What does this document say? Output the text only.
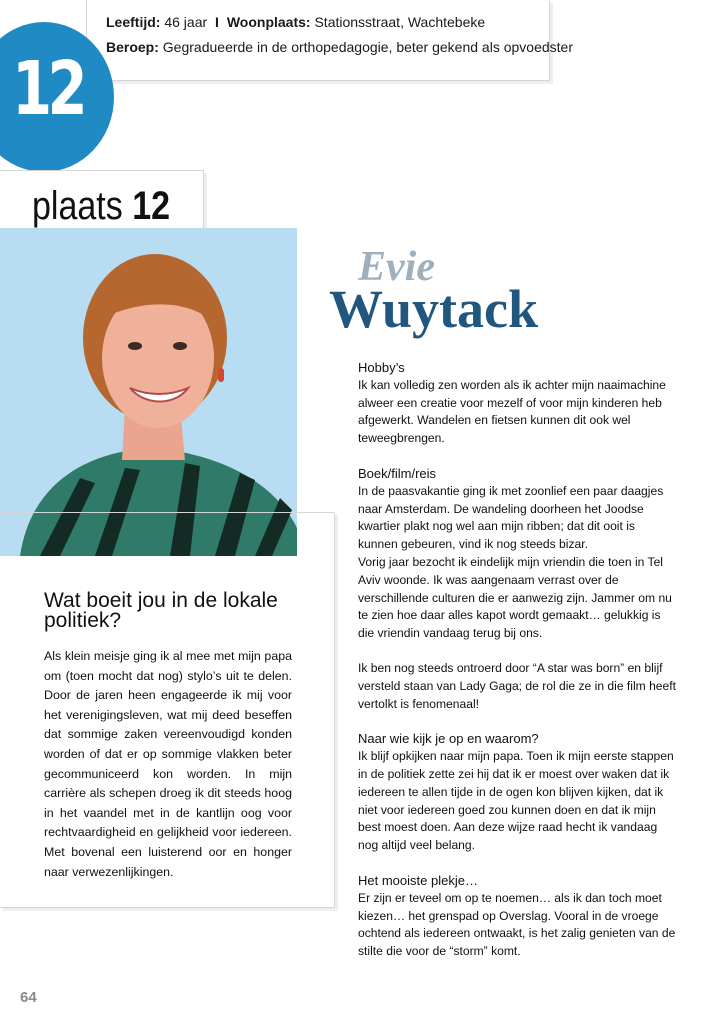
Leeftijd: 46 jaar I Woonplaats: Stationsstraat, Wachtebeke
Beroep: Gegradueerde in de orthopedagogie, beter gekend als opvoedster
12
plaats 12
Evie
Wuytack
Wat boeit jou in de lokale politiek?
Als klein meisje ging ik al mee met mijn papa om (toen mocht dat nog) stylo’s uit te delen. Door de jaren heen engageerde ik mij voor het verenigingsleven, wat mij deed beseffen dat sommige zaken vereenvoudigd konden worden of dat er op sommige vlakken beter gecommuniceerd kon worden. In mijn carrière als schepen droeg ik dit steeds hoog in het vaandel met in de kantlijn oog voor rechtvaardigheid en gelijkheid voor iedereen. Met bovenal een luisterend oor en honger naar verwezenlijkingen.

Hobby’s

Ik kan volledig zen worden als ik achter mijn naaimachine alweer een creatie voor mezelf of voor mijn kinderen heb afgewerkt. Wandelen en fietsen kunnen dit ook wel teweegbrengen.

Boek/film/reis

In de paasvakantie ging ik met zoonlief een paar daagjes naar Amsterdam. De wandeling doorheen het Joodse kwartier plakt nog wel aan mijn ribben; dat dit ooit is kunnen gebeuren, vind ik nog steeds bizar.

Vorig jaar bezocht ik eindelijk mijn vriendin die toen in Tel Aviv woonde. Ik was aangenaam verrast over de verschillende culturen die er aanwezig zijn. Jammer om nu te zien hoe daar alles kapot wordt gemaakt… gelukkig is die vriendin vandaag terug bij ons.

Ik ben nog steeds ontroerd door “A star was born” en blijf versteld staan van Lady Gaga; de rol die ze in die film heeft vertolkt is fenomenaal!

Naar wie kijk je op en waarom?

Ik blijf opkijken naar mijn papa. Toen ik mijn eerste stappen in de politiek zette zei hij dat ik er moest over waken dat ik iedereen te allen tijde in de ogen kon blijven kijken, dat ik niet voor iedereen goed zou kunnen doen en dat ik mijn best moest doen. Aan deze wijze raad hecht ik vandaag nog altijd veel belang.

Het mooiste plekje…

Er zijn er teveel om op te noemen… als ik dan toch moet kiezen… het grenspad op Overslag. Vooral in de vroege ochtend als iedereen ontwaakt, is het zalig genieten van de stilte die voor de “storm” komt.

64
